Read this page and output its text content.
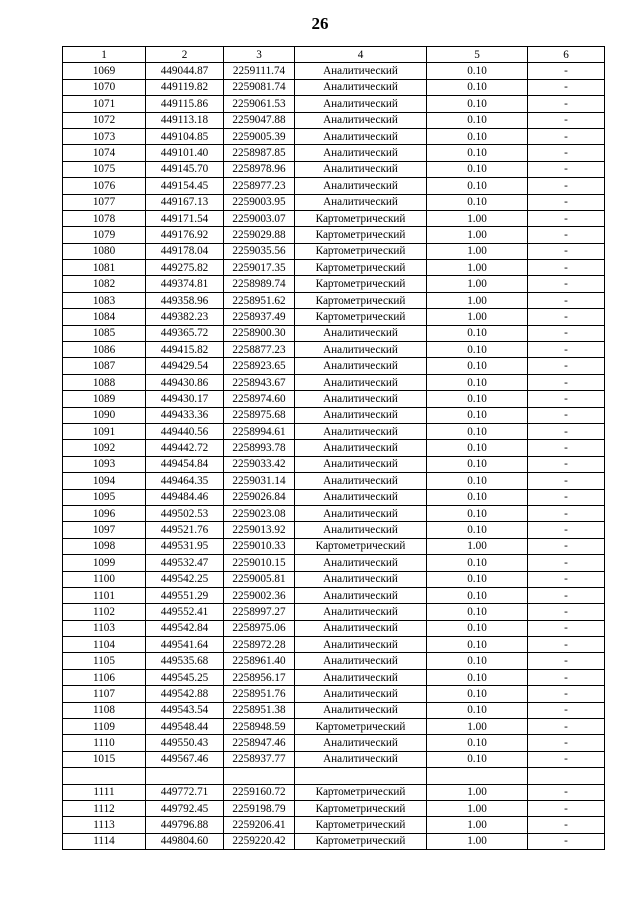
26
1	2	3	4	5	6
1069	449044.87	2259111.74	Аналитический	0.10	-
1070	449119.82	2259081.74	Аналитический	0.10	-
1071	449115.86	2259061.53	Аналитический	0.10	-
1072	449113.18	2259047.88	Аналитический	0.10	-
1073	449104.85	2259005.39	Аналитический	0.10	-
1074	449101.40	2258987.85	Аналитический	0.10	-
1075	449145.70	2258978.96	Аналитический	0.10	-
1076	449154.45	2258977.23	Аналитический	0.10	-
1077	449167.13	2259003.95	Аналитический	0.10	-
1078	449171.54	2259003.07	Картометрический	1.00	-
1079	449176.92	2259029.88	Картометрический	1.00	-
1080	449178.04	2259035.56	Картометрический	1.00	-
1081	449275.82	2259017.35	Картометрический	1.00	-
1082	449374.81	2258989.74	Картометрический	1.00	-
1083	449358.96	2258951.62	Картометрический	1.00	-
1084	449382.23	2258937.49	Картометрический	1.00	-
1085	449365.72	2258900.30	Аналитический	0.10	-
1086	449415.82	2258877.23	Аналитический	0.10	-
1087	449429.54	2258923.65	Аналитический	0.10	-
1088	449430.86	2258943.67	Аналитический	0.10	-
1089	449430.17	2258974.60	Аналитический	0.10	-
1090	449433.36	2258975.68	Аналитический	0.10	-
1091	449440.56	2258994.61	Аналитический	0.10	-
1092	449442.72	2258993.78	Аналитический	0.10	-
1093	449454.84	2259033.42	Аналитический	0.10	-
1094	449464.35	2259031.14	Аналитический	0.10	-
1095	449484.46	2259026.84	Аналитический	0.10	-
1096	449502.53	2259023.08	Аналитический	0.10	-
1097	449521.76	2259013.92	Аналитический	0.10	-
1098	449531.95	2259010.33	Картометрический	1.00	-
1099	449532.47	2259010.15	Аналитический	0.10	-
1100	449542.25	2259005.81	Аналитический	0.10	-
1101	449551.29	2259002.36	Аналитический	0.10	-
1102	449552.41	2258997.27	Аналитический	0.10	-
1103	449542.84	2258975.06	Аналитический	0.10	-
1104	449541.64	2258972.28	Аналитический	0.10	-
1105	449535.68	2258961.40	Аналитический	0.10	-
1106	449545.25	2258956.17	Аналитический	0.10	-
1107	449542.88	2258951.76	Аналитический	0.10	-
1108	449543.54	2258951.38	Аналитический	0.10	-
1109	449548.44	2258948.59	Картометрический	1.00	-
1110	449550.43	2258947.46	Аналитический	0.10	-
1015	449567.46	2258937.77	Аналитический	0.10	-

1111	449772.71	2259160.72	Картометрический	1.00	-
1112	449792.45	2259198.79	Картометрический	1.00	-
1113	449796.88	2259206.41	Картометрический	1.00	-
1114	449804.60	2259220.42	Картометрический	1.00	-
